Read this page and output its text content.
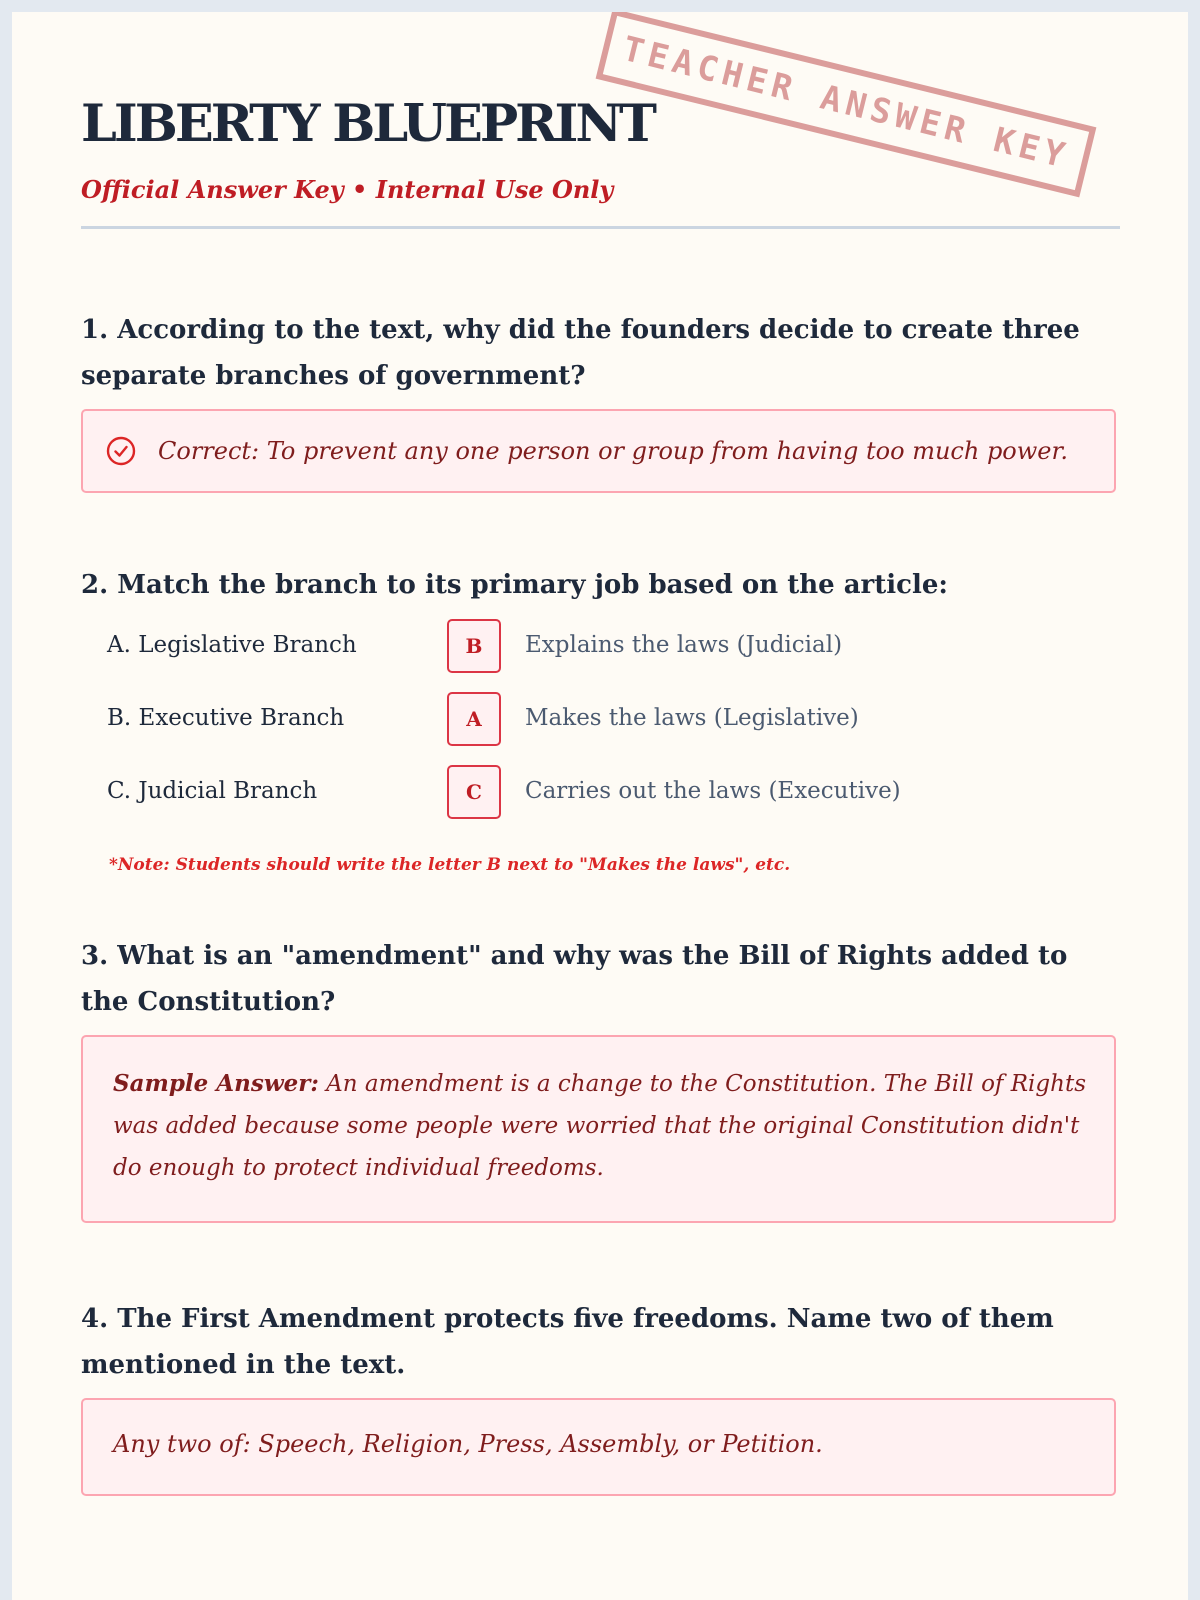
LIBERTY BLUEPRINT
Official Answer Key • Internal Use Only
TEACHER ANSWER KEY
1. According to the text, why did the founders decide to create three separate branches of government?
Correct: To prevent any one person or group from having too much power.
2. Match the branch to its primary job based on the article:
A. Legislative Branch	B	Explains the laws (Judicial)
B. Executive Branch	A	Makes the laws (Legislative)
C. Judicial Branch	C	Carries out the laws (Executive)
*Note: Students should write the letter B next to "Makes the laws", etc.
3. What is an "amendment" and why was the Bill of Rights added to the Constitution?
Sample Answer: An amendment is a change to the Constitution. The Bill of Rights was added because some people were worried that the original Constitution didn't do enough to protect individual freedoms.
4. The First Amendment protects five freedoms. Name two of them mentioned in the text.
Any two of: Speech, Religion, Press, Assembly, or Petition.
